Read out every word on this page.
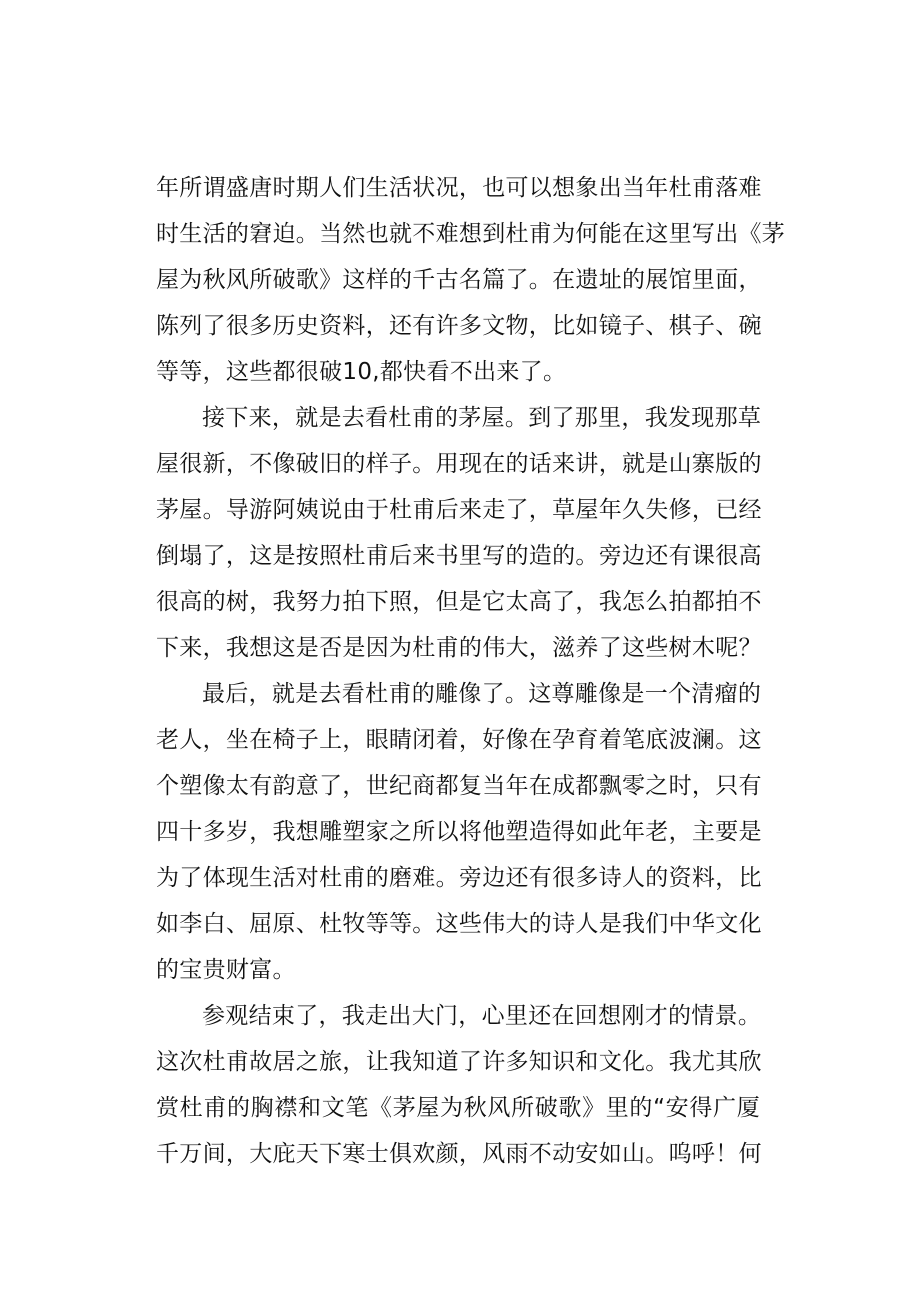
年所谓盛唐时期人们生活状况，也可以想象出当年杜甫落难
时生活的窘迫。当然也就不难想到杜甫为何能在这里写出《茅
屋为秋风所破歌》这样的千古名篇了。在遗址的展馆里面，
陈列了很多历史资料，还有许多文物，比如镜子、棋子、碗
等等，这些都很破10,都快看不出来了。
接下来，就是去看杜甫的茅屋。到了那里，我发现那草
屋很新，不像破旧的样子。用现在的话来讲，就是山寨版的
茅屋。导游阿姨说由于杜甫后来走了，草屋年久失修，已经
倒塌了，这是按照杜甫后来书里写的造的。旁边还有课很高
很高的树，我努力拍下照，但是它太高了，我怎么拍都拍不
下来，我想这是否是因为杜甫的伟大，滋养了这些树木呢？
最后，就是去看杜甫的雕像了。这尊雕像是一个清瘤的
老人，坐在椅子上，眼睛闭着，好像在孕育着笔底波澜。这
个塑像太有韵意了，世纪商都复当年在成都飘零之时，只有
四十多岁，我想雕塑家之所以将他塑造得如此年老，主要是
为了体现生活对杜甫的磨难。旁边还有很多诗人的资料，比
如李白、屈原、杜牧等等。这些伟大的诗人是我们中华文化
的宝贵财富。
参观结束了，我走出大门，心里还在回想刚才的情景。
这次杜甫故居之旅，让我知道了许多知识和文化。我尤其欣
赏杜甫的胸襟和文笔《茅屋为秋风所破歌》里的“安得广厦
千万间，大庇天下寒士俱欢颜，风雨不动安如山。呜呼！何
